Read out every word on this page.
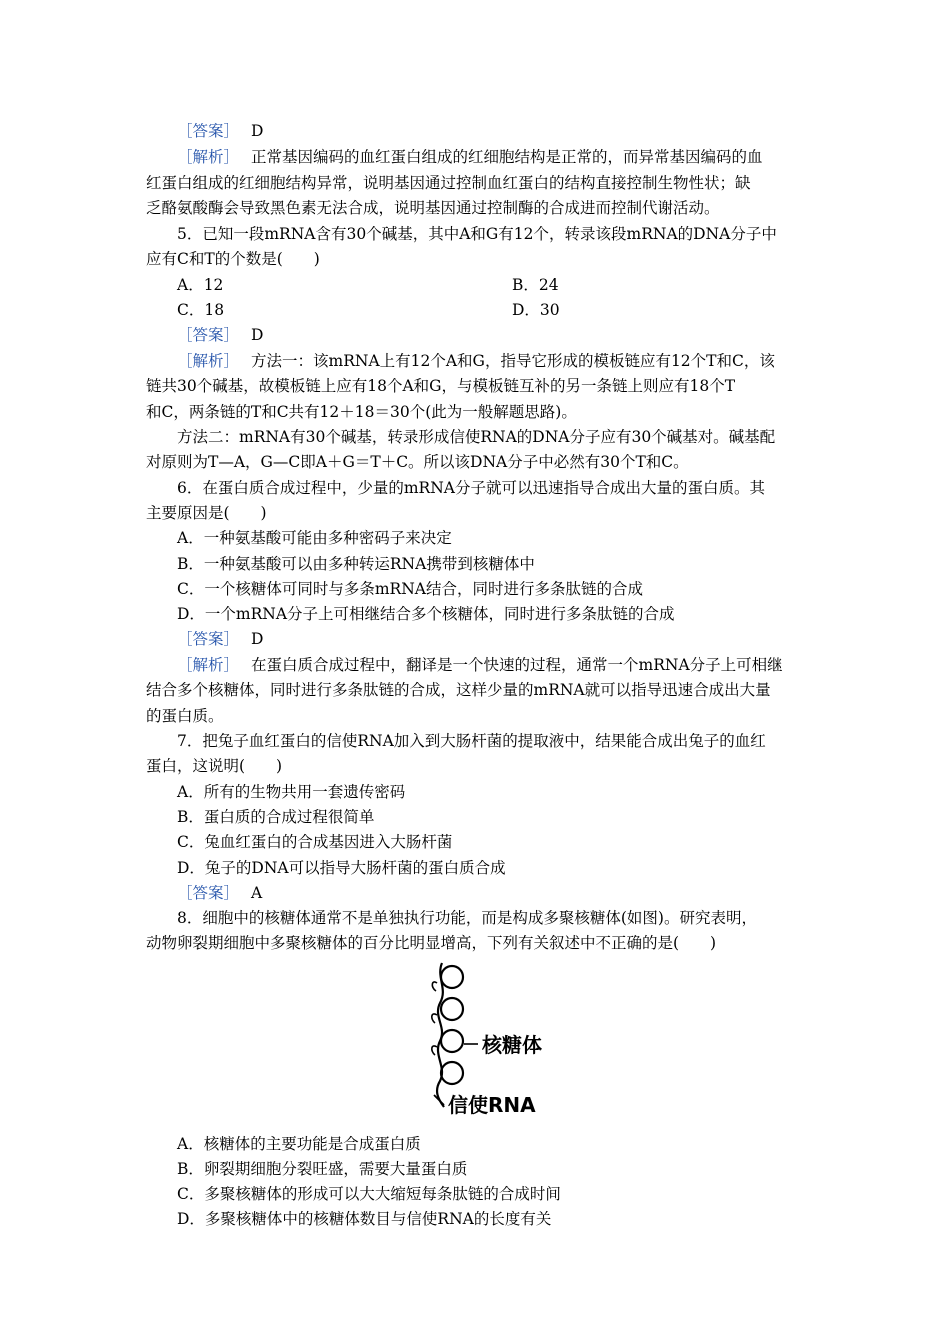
［答案］ D
［解析］ 正常基因编码的血红蛋白组成的红细胞结构是正常的，而异常基因编码的血
红蛋白组成的红细胞结构异常，说明基因通过控制血红蛋白的结构直接控制生物性状；缺
乏酪氨酸酶会导致黑色素无法合成，说明基因通过控制酶的合成进而控制代谢活动。
5．已知一段mRNA含有30个碱基，其中A和G有12个，转录该段mRNA的DNA分子中
应有C和T的个数是(　　)
A．12	B．24
C．18	D．30
［答案］ D
［解析］ 方法一：该mRNA上有12个A和G，指导它形成的模板链应有12个T和C，该
链共30个碱基，故模板链上应有18个A和G，与模板链互补的另一条链上则应有18个T
和C，两条链的T和C共有12＋18＝30个(此为一般解题思路)。
方法二：mRNA有30个碱基，转录形成信使RNA的DNA分子应有30个碱基对。碱基配
对原则为T—A，G—C即A＋G＝T＋C。所以该DNA分子中必然有30个T和C。
6．在蛋白质合成过程中，少量的mRNA分子就可以迅速指导合成出大量的蛋白质。其
主要原因是(　　)
A．一种氨基酸可能由多种密码子来决定
B．一种氨基酸可以由多种转运RNA携带到核糖体中
C．一个核糖体可同时与多条mRNA结合，同时进行多条肽链的合成
D．一个mRNA分子上可相继结合多个核糖体，同时进行多条肽链的合成
［答案］ D
［解析］ 在蛋白质合成过程中，翻译是一个快速的过程，通常一个mRNA分子上可相继
结合多个核糖体，同时进行多条肽链的合成，这样少量的mRNA就可以指导迅速合成出大量
的蛋白质。
7．把兔子血红蛋白的信使RNA加入到大肠杆菌的提取液中，结果能合成出兔子的血红
蛋白，这说明(　　)
A．所有的生物共用一套遗传密码
B．蛋白质的合成过程很简单
C．兔血红蛋白的合成基因进入大肠杆菌
D．兔子的DNA可以指导大肠杆菌的蛋白质合成
［答案］ A
8．细胞中的核糖体通常不是单独执行功能，而是构成多聚核糖体(如图)。研究表明，
动物卵裂期细胞中多聚核糖体的百分比明显增高，下列有关叙述中不正确的是(　　)
核糖体
信使RNA
A．核糖体的主要功能是合成蛋白质
B．卵裂期细胞分裂旺盛，需要大量蛋白质
C．多聚核糖体的形成可以大大缩短每条肽链的合成时间
D．多聚核糖体中的核糖体数目与信使RNA的长度有关
